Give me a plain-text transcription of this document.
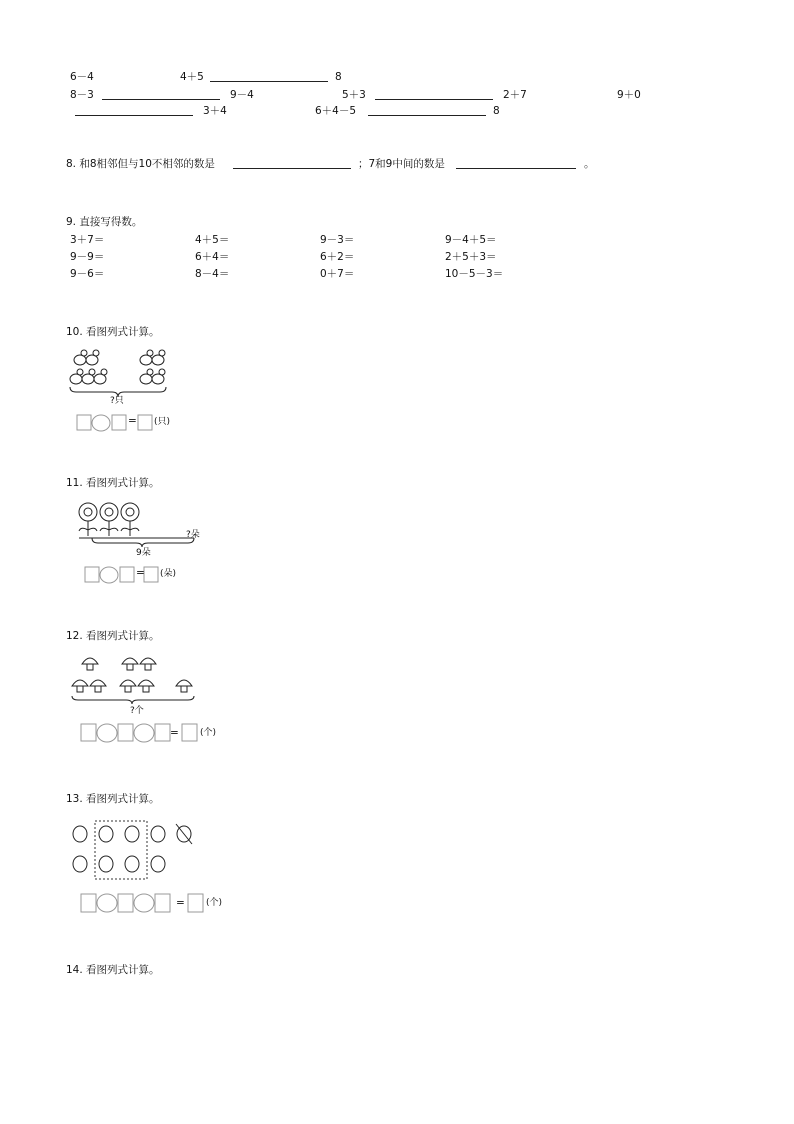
6－4	4＋5	8
8－3	9－4	5＋3	2＋7	9＋0
3＋4	6＋4－5	8
8. 和8相邻但与10不相邻的数是	；7和9中间的数是	。
9. 直接写得数。
3＋7＝	4＋5＝	9－3＝	9－4＋5＝
9－9＝	6＋4＝	6＋2＝	2＋5＋3＝
9－6＝	8－4＝	0＋7＝	10－5－3＝
10. 看图列式计算。
?只
= (只)
11. 看图列式计算。
?朵
9朵
= (朵)
12. 看图列式计算。
?个
= (个)
13. 看图列式计算。
= (个)
14. 看图列式计算。
